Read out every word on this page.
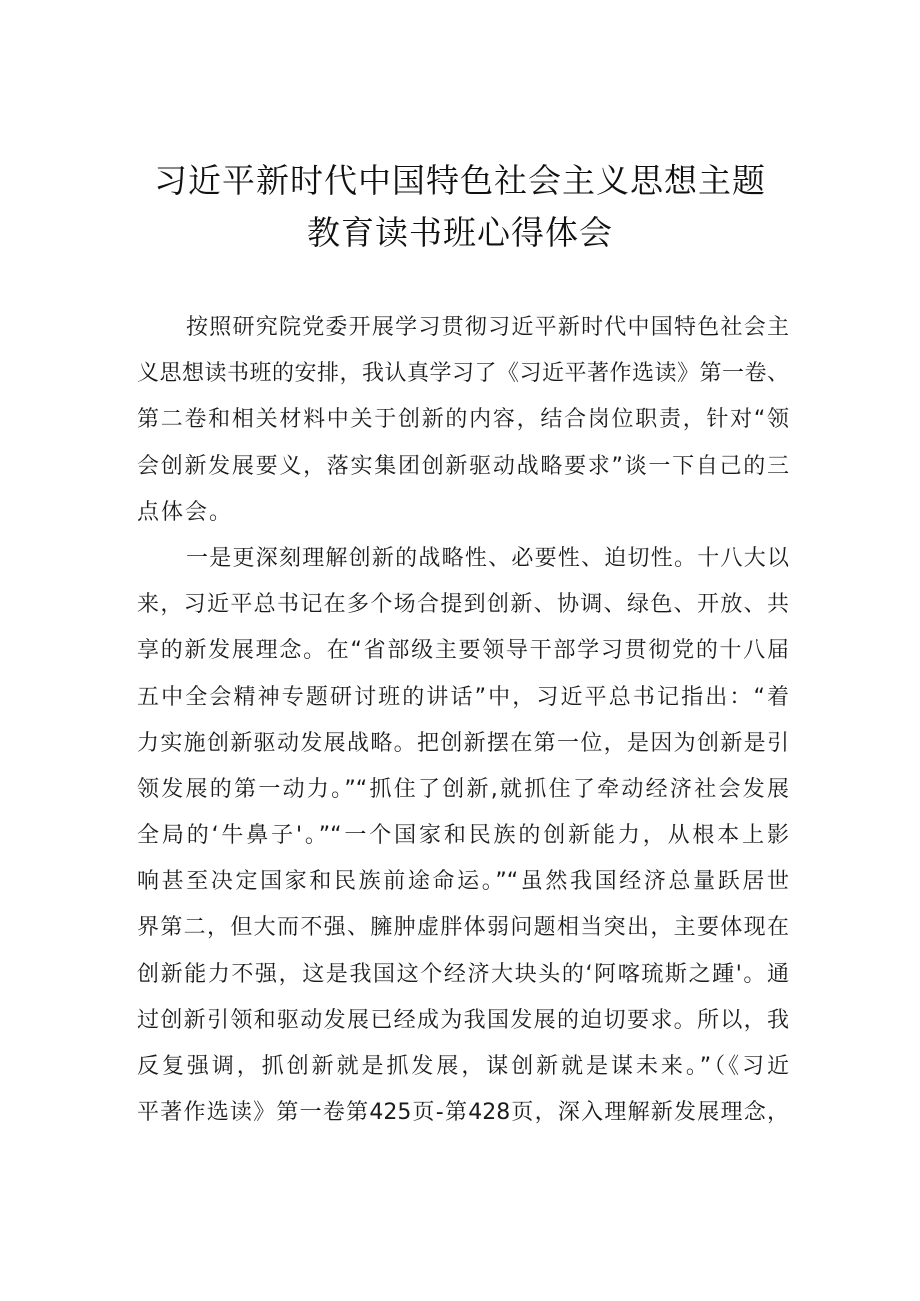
习近平新时代中国特色社会主义思想主题
教育读书班心得体会
按照研究院党委开展学习贯彻习近平新时代中国特色社会主
义思想读书班的安排，我认真学习了《习近平著作选读》第一卷、
第二卷和相关材料中关于创新的内容，结合岗位职责，针对“领
会创新发展要义，落实集团创新驱动战略要求”谈一下自己的三
点体会。
一是更深刻理解创新的战略性、必要性、迫切性。十八大以
来，习近平总书记在多个场合提到创新、协调、绿色、开放、共
享的新发展理念。在“省部级主要领导干部学习贯彻党的十八届
五中全会精神专题研讨班的讲话”中，习近平总书记指出：“着
力实施创新驱动发展战略。把创新摆在第一位，是因为创新是引
领发展的第一动力。”“抓住了创新,就抓住了牵动经济社会发展
全局的‘牛鼻子'。”“一个国家和民族的创新能力，从根本上影
响甚至决定国家和民族前途命运。”“虽然我国经济总量跃居世
界第二，但大而不强、臃肿虚胖体弱问题相当突出，主要体现在
创新能力不强，这是我国这个经济大块头的‘阿喀琉斯之踵'。通
过创新引领和驱动发展已经成为我国发展的迫切要求。所以，我
反复强调，抓创新就是抓发展，谋创新就是谋未来。”（《习近
平著作选读》第一卷第425页-第428页，深入理解新发展理念，
